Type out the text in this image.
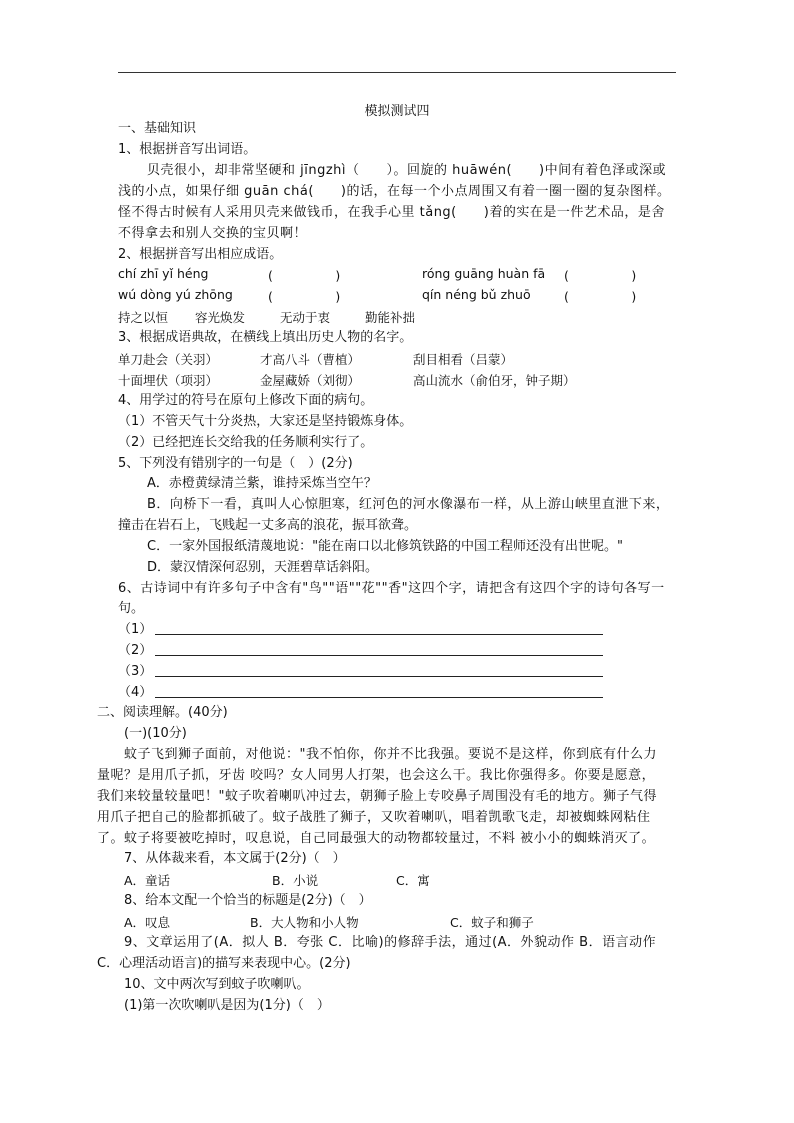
模拟测试四
一、基础知识
1、根据拼音写出词语。
贝壳很小，却非常坚硬和 jīngzhì（　　）。回旋的 huāwén(　　)中间有着色泽或深或
浅的小点，如果仔细 guān chá(　　)的话，在每一个小点周围又有着一圈一圈的复杂图样。
怪不得古时候有人采用贝壳来做钱币，在我手心里 tǎng(　　)着的实在是一件艺术品，是舍
不得拿去和别人交换的宝贝啊！
2、根据拼音写出相应成语。
chí zhī yǐ héng	(　　　　　)	róng guāng huàn fā (　　　　　)
wú dòng yú zhōng	(　　　　　)	qín néng bǔ zhuō	(　　　　　)
持之以恒 容光焕发	无动于衷	勤能补拙
3、根据成语典故，在横线上填出历史人物的名字。
单刀赴会（关羽）	才高八斗（曹植）	刮目相看（吕蒙）
十面埋伏（项羽）	金屋藏娇（刘彻）	高山流水（俞伯牙，钟子期）
4、用学过的符号在原句上修改下面的病句。
（1）不管天气十分炎热，大家还是坚持锻炼身体。
（2）已经把连长交给我的任务顺利实行了。
5、下列没有错别字的一句是（　）(2分)
A．赤橙黄绿清兰紫，谁持采炼当空午？
B．向桥下一看，真叫人心惊胆寒，红河色的河水像瀑布一样，从上游山峡里直泄下来，
撞击在岩石上，飞贱起一丈多高的浪花，振耳欲聋。
C．一家外国报纸清蔑地说："能在南口以北修筑铁路的中国工程师还没有出世呢。"
D．蒙汉情深何忍别，天涯碧草话斜阳。
6、古诗词中有许多句子中含有"鸟""语""花""香"这四个字，请把含有这四个字的诗句各写一
句。
（1）
（2）
（3）
（4）
二、阅读理解。(40分)
(一)(10分)
蚊子飞到狮子面前，对他说："我不怕你，你并不比我强。要说不是这样，你到底有什么力
量呢？是用爪子抓，牙齿 咬吗？女人同男人打架，也会这么干。我比你强得多。你要是愿意，
我们来较量较量吧！"蚊子吹着喇叭冲过去，朝狮子脸上专咬鼻子周围没有毛的地方。狮子气得
用爪子把自己的脸都抓破了。蚊子战胜了狮子，又吹着喇叭，唱着凯歌飞走，却被蜘蛛网粘住
了。蚊子将要被吃掉时，叹息说，自己同最强大的动物都较量过，不料 被小小的蜘蛛消灭了。
7、从体裁来看，本文属于(2分)（　）
A．童话	B．小说	C．寓
8、给本文配一个恰当的标题是(2分)（　）
A．叹息	B．大人物和小人物	C．蚊子和狮子
9、文章运用了(A．拟人 B．夸张 C．比喻)的修辞手法，通过(A．外貌动作 B．语言动作
C．心理活动语言)的描写来表现中心。(2分)
10、文中两次写到蚊子吹喇叭。
(1)第一次吹喇叭是因为(1分)（　）
